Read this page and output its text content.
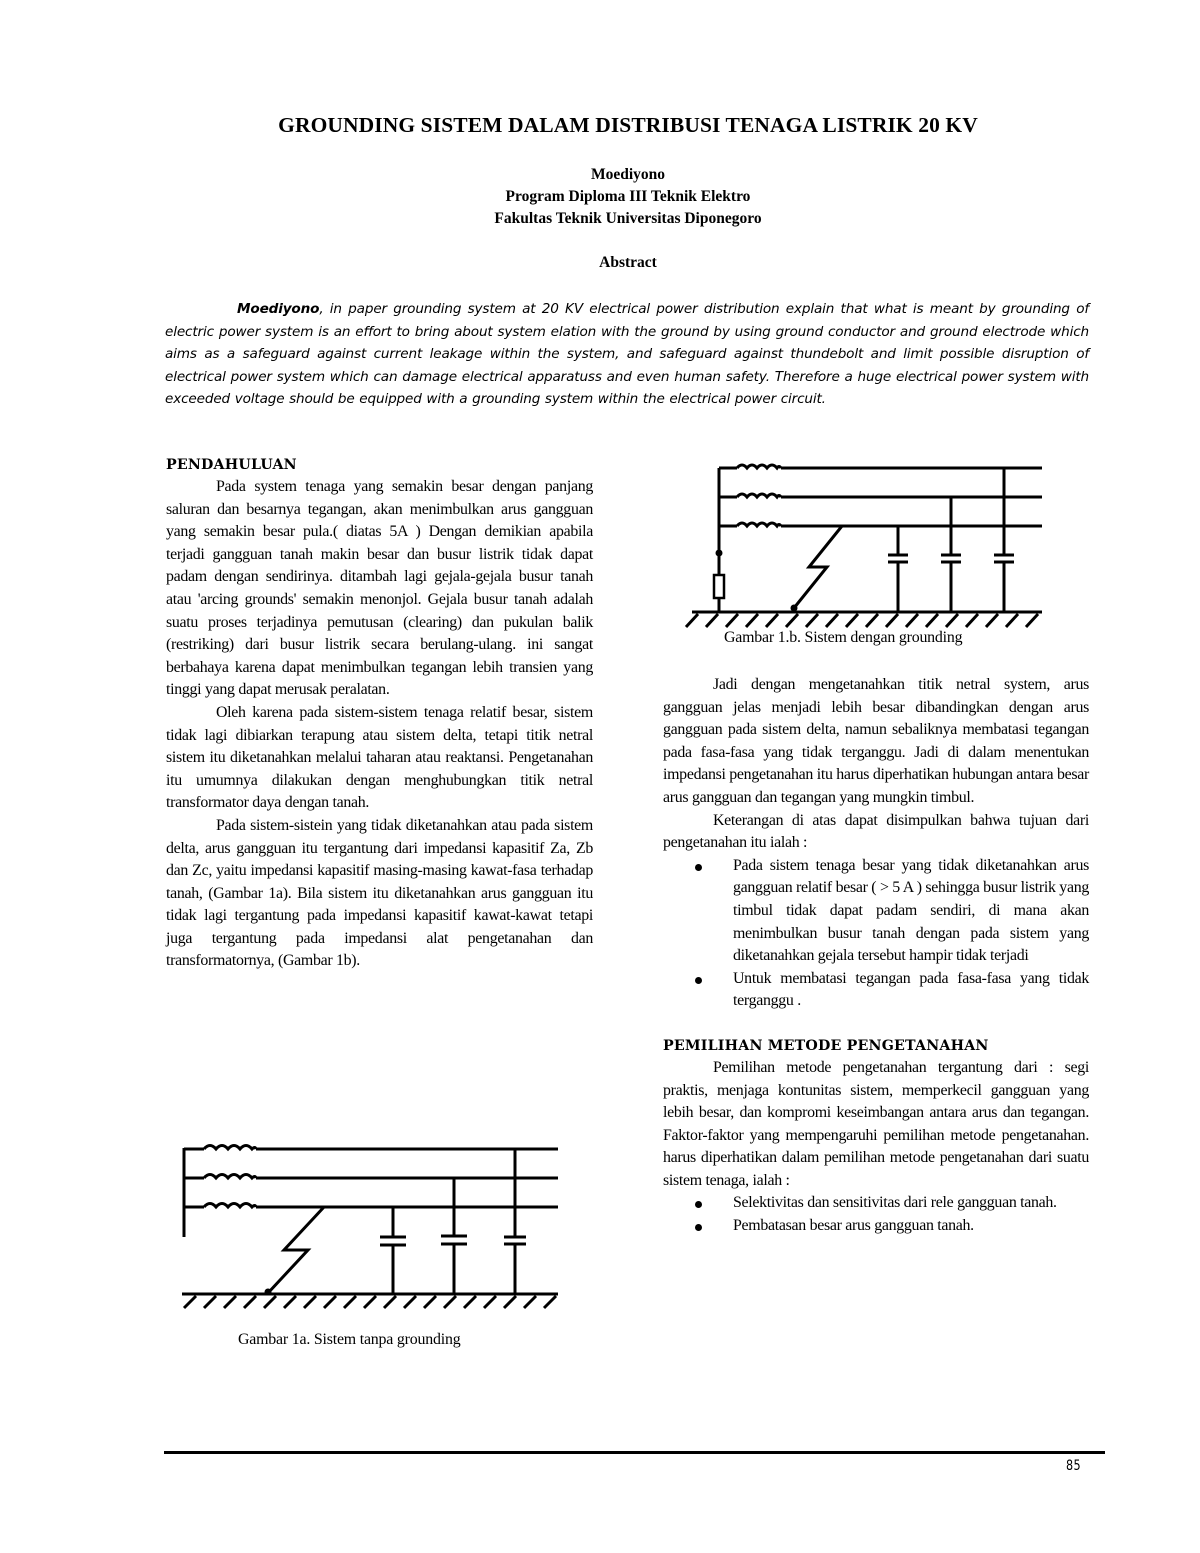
GROUNDING SISTEM DALAM DISTRIBUSI TENAGA LISTRIK 20 KV
Moediyono
Program Diploma III Teknik Elektro
Fakultas Teknik Universitas Diponegoro
Abstract

Moediyono, in paper grounding system at 20 KV electrical power distribution explain that what is meant by grounding of electric power system is an effort to bring about system elation with the ground by using ground conductor and ground electrode which aims as a safeguard against current leakage within the system, and safeguard against thundebolt and limit possible disruption of electrical power system which can damage electrical apparatuss and even human safety. Therefore a huge electrical power system with exceeded voltage should be equipped with a grounding system within the electrical power circuit.

PENDAHULUAN

Pada system tenaga yang semakin besar dengan panjang saluran dan besarnya tegangan, akan menimbulkan arus gangguan yang semakin besar pula.( diatas 5A ) Dengan demikian apabila terjadi gangguan tanah makin besar dan busur listrik tidak dapat padam dengan sendirinya. ditambah lagi gejala-gejala busur tanah atau 'arcing grounds' semakin menonjol. Gejala busur tanah adalah suatu proses terjadinya pemutusan (clearing) dan pukulan balik (restriking) dari busur listrik secara berulang-ulang. ini sangat berbahaya karena dapat menimbulkan tegangan lebih transien yang tinggi yang dapat merusak peralatan.

Oleh karena pada sistem-sistem tenaga relatif besar, sistem tidak lagi dibiarkan terapung atau sistem delta, tetapi titik netral sistem itu diketanahkan melalui taharan atau reaktansi. Pengetanahan itu umumnya dilakukan dengan menghubungkan titik netral transformator daya dengan tanah.

Pada sistem-sistein yang tidak diketanahkan atau pada sistem delta, arus gangguan itu tergantung dari impedansi kapasitif Za, Zb dan Zc, yaitu impedansi kapasitif masing-masing kawat-fasa terhadap tanah, (Gambar 1a). Bila sistem itu diketanahkan arus gangguan itu tidak lagi tergantung pada impedansi kapasitif kawat-kawat tetapi juga tergantung pada impedansi alat pengetanahan dan transformatornya, (Gambar 1b).

Gambar 1a. Sistem tanpa grounding
Gambar 1.b. Sistem dengan grounding

Jadi dengan mengetanahkan titik netral system, arus gangguan jelas menjadi lebih besar dibandingkan dengan arus gangguan pada sistem delta, namun sebaliknya membatasi tegangan pada fasa-fasa yang tidak terganggu. Jadi di dalam menentukan impedansi pengetanahan itu harus diperhatikan hubungan antara besar arus gangguan dan tegangan yang mungkin timbul.

Keterangan di atas dapat disimpulkan bahwa tujuan dari pengetanahan itu ialah :

Pada sistem tenaga besar yang tidak diketanahkan arus gangguan relatif besar ( > 5 A ) sehingga busur listrik yang timbul tidak dapat padam sendiri, di mana akan menimbulkan busur tanah dengan pada sistem yang diketanahkan gejala tersebut hampir tidak terjadi
Untuk membatasi tegangan pada fasa-fasa yang tidak terganggu .
PEMILIHAN METODE PENGETANAHAN

Pemilihan metode pengetanahan tergantung dari : segi praktis, menjaga kontunitas sistem, memperkecil gangguan yang lebih besar, dan kompromi keseimbangan antara arus dan tegangan. Faktor-faktor yang mempengaruhi pemilihan metode pengetanahan. harus diperhatikan dalam pemilihan metode pengetanahan dari suatu sistem tenaga, ialah :

Selektivitas dan sensitivitas dari rele gangguan tanah.
Pembatasan besar arus gangguan tanah.
85
